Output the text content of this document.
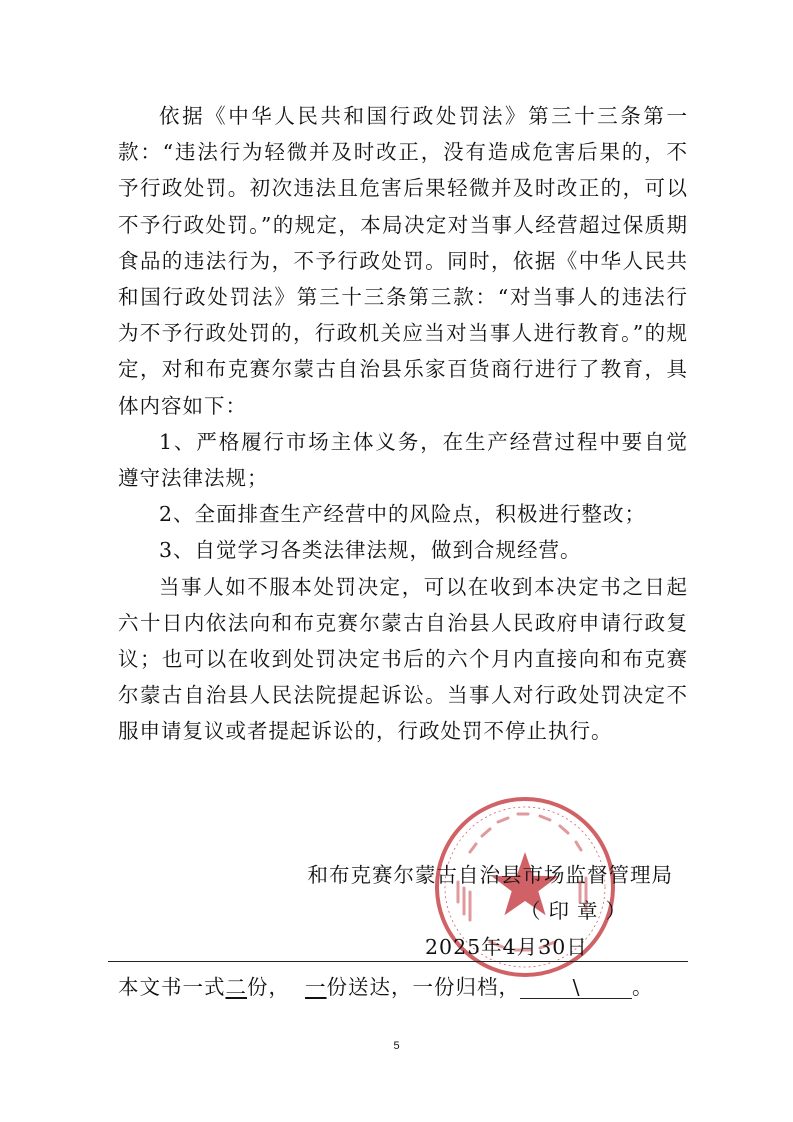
依据《中华人民共和国行政处罚法》第三十三条第一款：“违法行为轻微并及时改正，没有造成危害后果的，不予行政处罚。初次违法且危害后果轻微并及时改正的，可以不予行政处罚。”的规定，本局决定对当事人经营超过保质期食品的违法行为，不予行政处罚。同时，依据《中华人民共和国行政处罚法》第三十三条第三款：“对当事人的违法行为不予行政处罚的，行政机关应当对当事人进行教育。”的规定，对和布克赛尔蒙古自治县乐家百货商行进行了教育，具体内容如下：

1、严格履行市场主体义务，在生产经营过程中要自觉遵守法律法规；

2、全面排查生产经营中的风险点，积极进行整改；

3、自觉学习各类法律法规，做到合规经营。

当事人如不服本处罚决定，可以在收到本决定书之日起六十日内依法向和布克赛尔蒙古自治县人民政府申请行政复议；也可以在收到处罚决定书后的六个月内直接向和布克赛尔蒙古自治县人民法院提起诉讼。当事人对行政处罚决定不服申请复议或者提起诉讼的，行政处罚不停止执行。

和布克赛尔蒙古自治县市场监督管理局
（印章）
2025年4月30日
本文书一式二份， 一份送达，一份归档，	\	。
5
